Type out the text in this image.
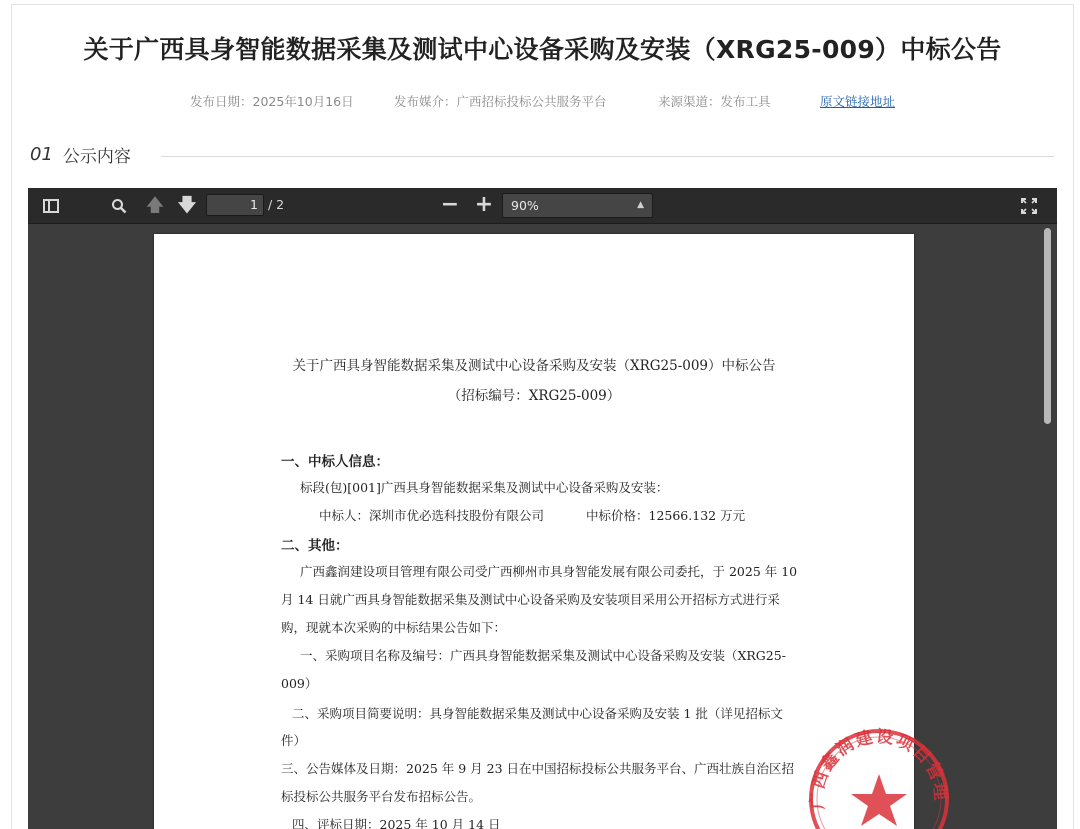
关于广西具身智能数据采集及测试中心设备采购及安装（XRG25-009）中标公告
发布日期：2025年10月16日	发布媒介：广西招标投标公共服务平台	来源渠道：发布工具	原文链接地址
01 公示内容
🡅 🡇	1 / 2	− +	90%	▲

关于广西具身智能数据采集及测试中心设备采购及安装（XRG25-009）中标公告
（招标编号：XRG25-009）
一、中标人信息：
标段(包)[001]广西具身智能数据采集及测试中心设备采购及安装：
中标人：深圳市优必选科技股份有限公司	中标价格：12566.132 万元
二、其他：
广西鑫润建设项目管理有限公司受广西柳州市具身智能发展有限公司委托，于 2025 年 10
月 14 日就广西具身智能数据采集及测试中心设备采购及安装项目采用公开招标方式进行采
购，现就本次采购的中标结果公告如下：
一、采购项目名称及编号：广西具身智能数据采集及测试中心设备采购及安装（XRG25-
009）
二、采购项目简要说明：具身智能数据采集及测试中心设备采购及安装 1 批（详见招标文
件）
三、公告媒体及日期：2025 年 9 月 23 日在中国招标投标公共服务平台、广西壮族自治区招
标投标公共服务平台发布招标公告。
四、评标日期：2025 年 10 月 14 日
广西鑫润建设项目管理
